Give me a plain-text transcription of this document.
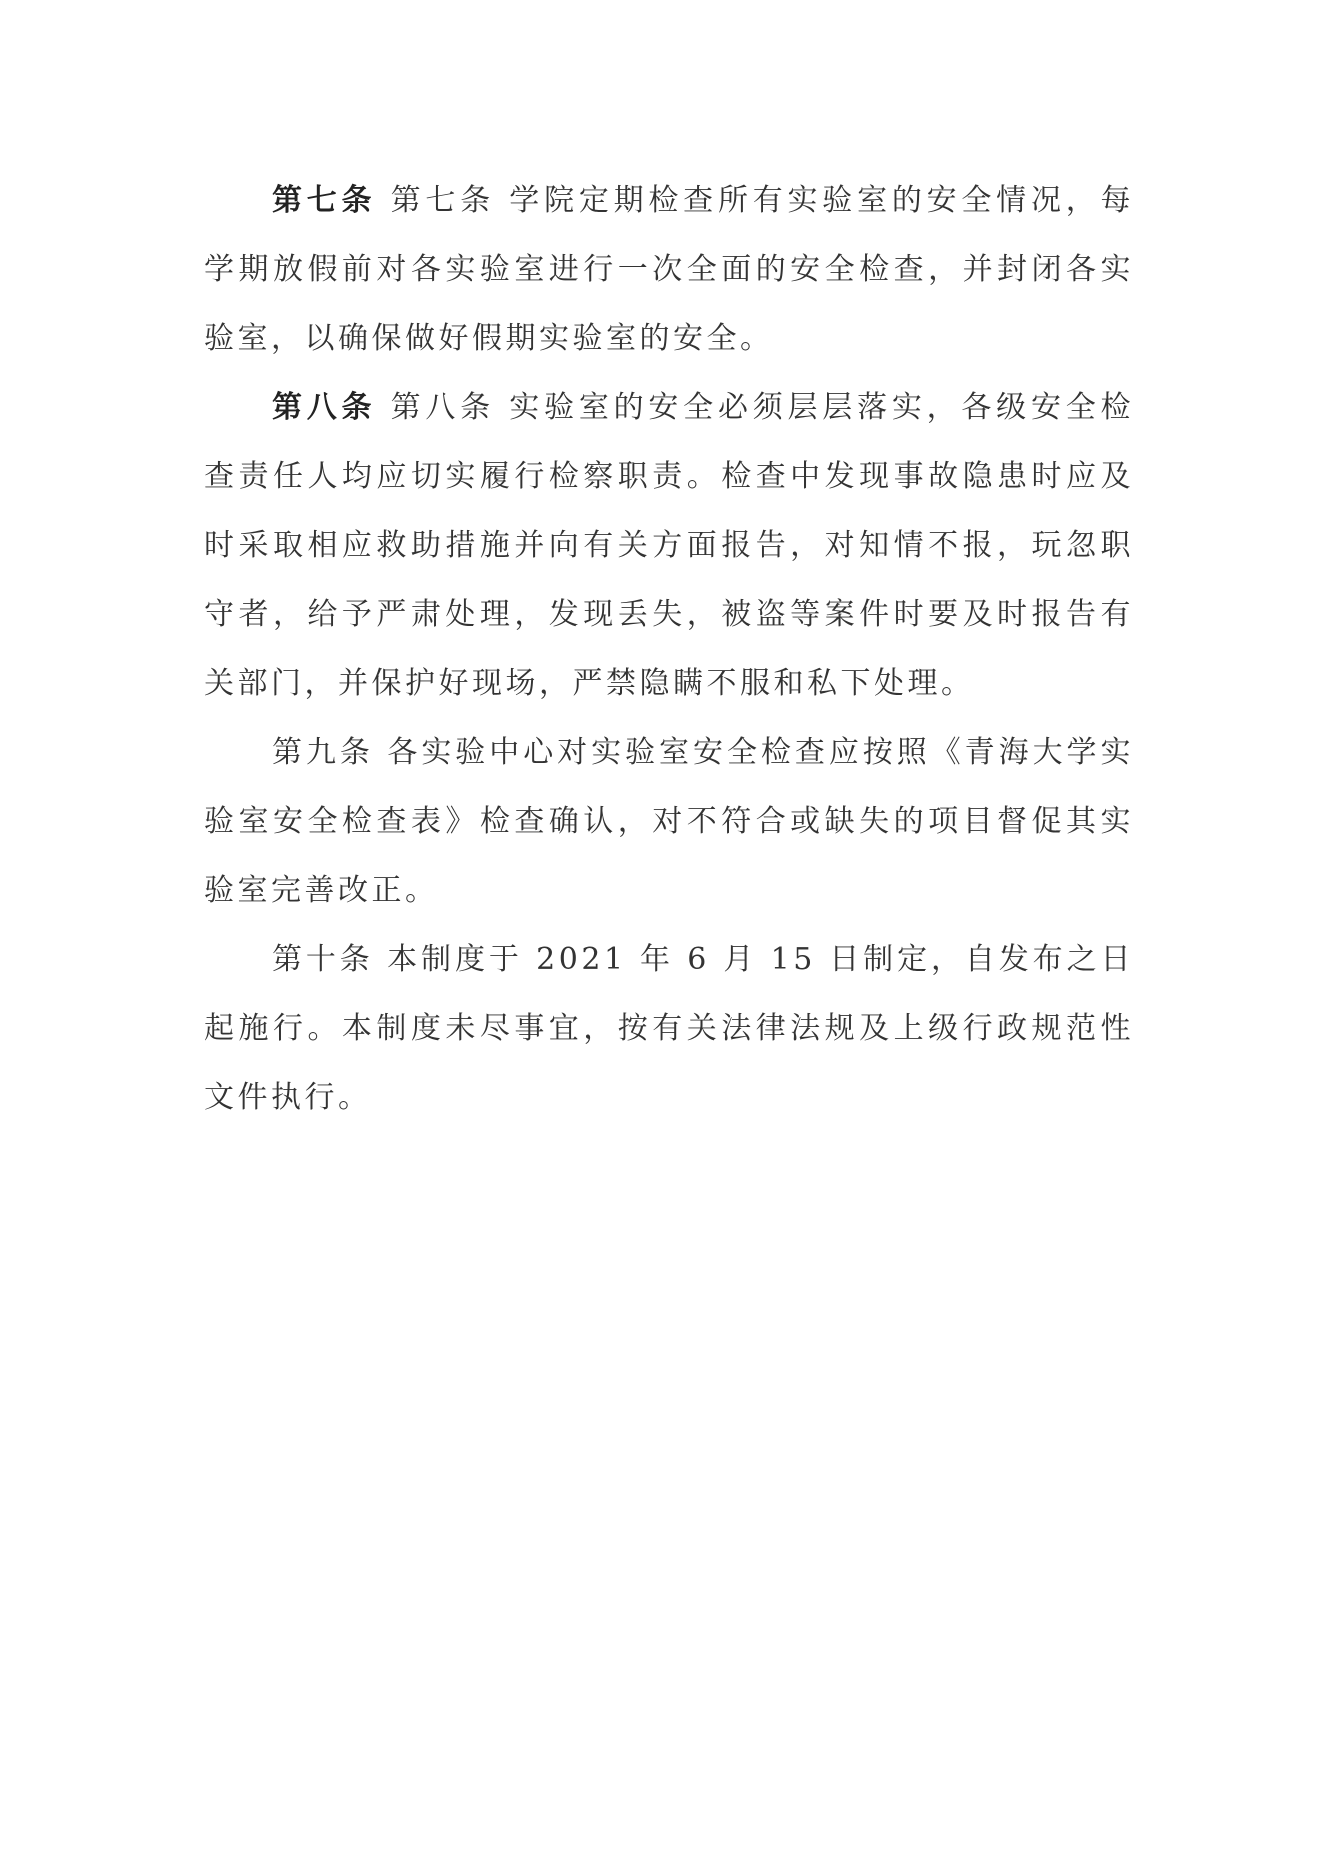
第七条 第七条 学院定期检查所有实验室的安全情况，每学期放假前对各实验室进行一次全面的安全检查，并封闭各实验室，以确保做好假期实验室的安全。

第八条 第八条 实验室的安全必须层层落实，各级安全检查责任人均应切实履行检察职责。检查中发现事故隐患时应及时采取相应救助措施并向有关方面报告，对知情不报，玩忽职守者，给予严肃处理，发现丢失，被盗等案件时要及时报告有关部门，并保护好现场，严禁隐瞒不服和私下处理。

第九条 各实验中心对实验室安全检查应按照《青海大学实验室安全检查表》检查确认，对不符合或缺失的项目督促其实验室完善改正。

第十条 本制度于 2021 年 6 月 15 日制定，自发布之日起施行。本制度未尽事宜，按有关法律法规及上级行政规范性文件执行。
